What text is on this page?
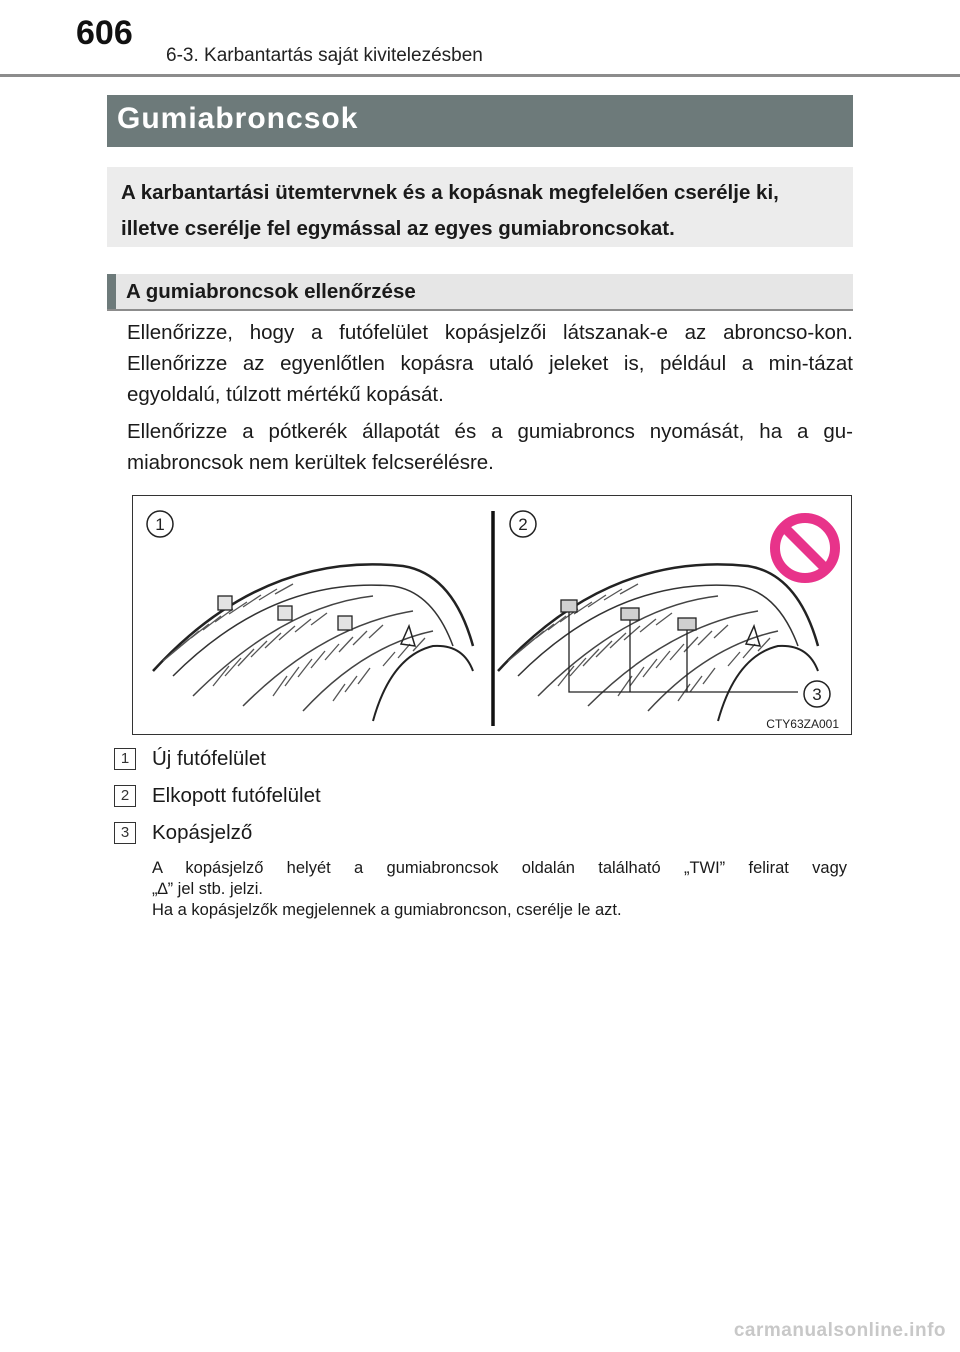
606
6-3. Karbantartás saját kivitelezésben
Gumiabroncsok
A karbantartási ütemtervnek és a kopásnak megfelelően cserélje ki, illetve cserélje fel egymással az egyes gumiabroncsokat.
A gumiabroncsok ellenőrzése
Ellenőrizze, hogy a futófelület kopásjelzői látszanak-e az abroncso-kon. Ellenőrizze az egyenlőtlen kopásra utaló jeleket is, például a min-tázat egyoldalú, túlzott mértékű kopását.
Ellenőrizze a pótkerék állapotát és a gumiabroncs nyomását, ha a gu-miabroncsok nem kerültek felcserélésre.
1	2
3
CTY63ZA001
1	Új futófelület
2	Elkopott futófelület
3	Kopásjelző

A kopásjelző helyét a gumiabroncsok oldalán található „TWI” felirat vagy

„∆” jel stb. jelzi.

Ha a kopásjelzők megjelennek a gumiabroncson, cserélje le azt.

carmanualsonline.info
